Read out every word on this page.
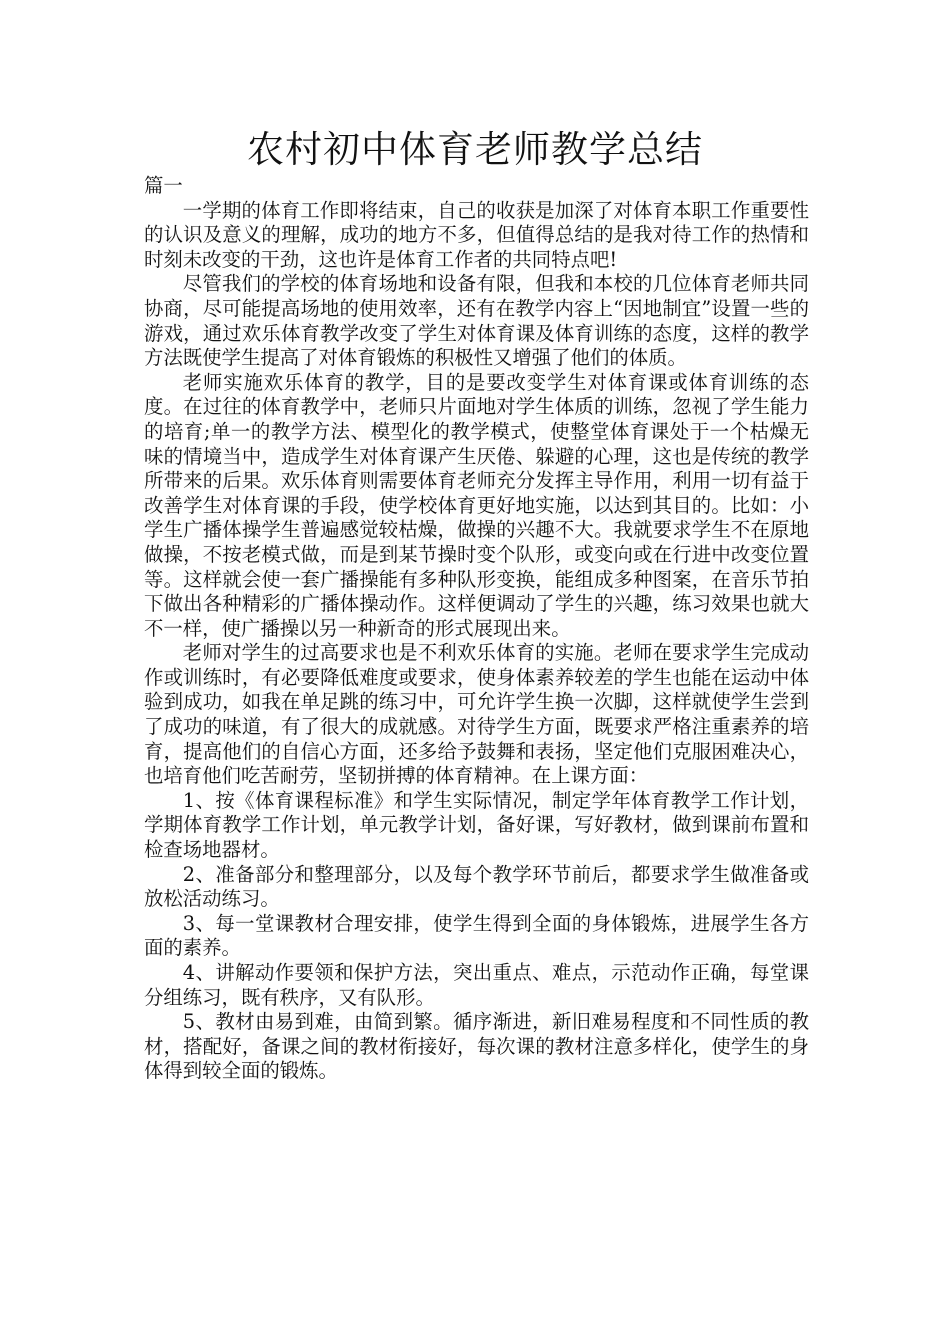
农村初中体育老师教学总结

篇一

一学期的体育工作即将结束，自己的收获是加深了对体育本职工作重要性的认识及意义的理解，成功的地方不多，但值得总结的是我对待工作的热情和时刻未改变的干劲，这也许是体育工作者的共同特点吧!

尽管我们的学校的体育场地和设备有限，但我和本校的几位体育老师共同协商，尽可能提高场地的使用效率，还有在教学内容上“因地制宜”设置一些的游戏，通过欢乐体育教学改变了学生对体育课及体育训练的态度，这样的教学方法既使学生提高了对体育锻炼的积极性又增强了他们的体质。

老师实施欢乐体育的教学，目的是要改变学生对体育课或体育训练的态度。在过往的体育教学中，老师只片面地对学生体质的训练，忽视了学生能力的培育;单一的教学方法、模型化的教学模式，使整堂体育课处于一个枯燥无味的情境当中，造成学生对体育课产生厌倦、躲避的心理，这也是传统的教学所带来的后果。欢乐体育则需要体育老师充分发挥主导作用，利用一切有益于改善学生对体育课的手段，使学校体育更好地实施，以达到其目的。比如：小学生广播体操学生普遍感觉较枯燥，做操的兴趣不大。我就要求学生不在原地做操，不按老模式做，而是到某节操时变个队形，或变向或在行进中改变位置等。这样就会使一套广播操能有多种队形变换，能组成多种图案，在音乐节拍下做出各种精彩的广播体操动作。这样便调动了学生的兴趣，练习效果也就大不一样，使广播操以另一种新奇的形式展现出来。

老师对学生的过高要求也是不利欢乐体育的实施。老师在要求学生完成动作或训练时，有必要降低难度或要求，使身体素养较差的学生也能在运动中体验到成功，如我在单足跳的练习中，可允许学生换一次脚，这样就使学生尝到了成功的味道，有了很大的成就感。对待学生方面，既要求严格注重素养的培育，提高他们的自信心方面，还多给予鼓舞和表扬，坚定他们克服困难决心，也培育他们吃苦耐劳，坚韧拼搏的体育精神。在上课方面：

1、按《体育课程标准》和学生实际情况，制定学年体育教学工作计划，学期体育教学工作计划，单元教学计划，备好课，写好教材，做到课前布置和检查场地器材。

2、准备部分和整理部分，以及每个教学环节前后，都要求学生做准备或放松活动练习。

3、每一堂课教材合理安排，使学生得到全面的身体锻炼，进展学生各方面的素养。

4、讲解动作要领和保护方法，突出重点、难点，示范动作正确，每堂课分组练习，既有秩序，又有队形。

5、教材由易到难，由简到繁。循序渐进，新旧难易程度和不同性质的教材，搭配好，备课之间的教材衔接好，每次课的教材注意多样化，使学生的身体得到较全面的锻炼。
